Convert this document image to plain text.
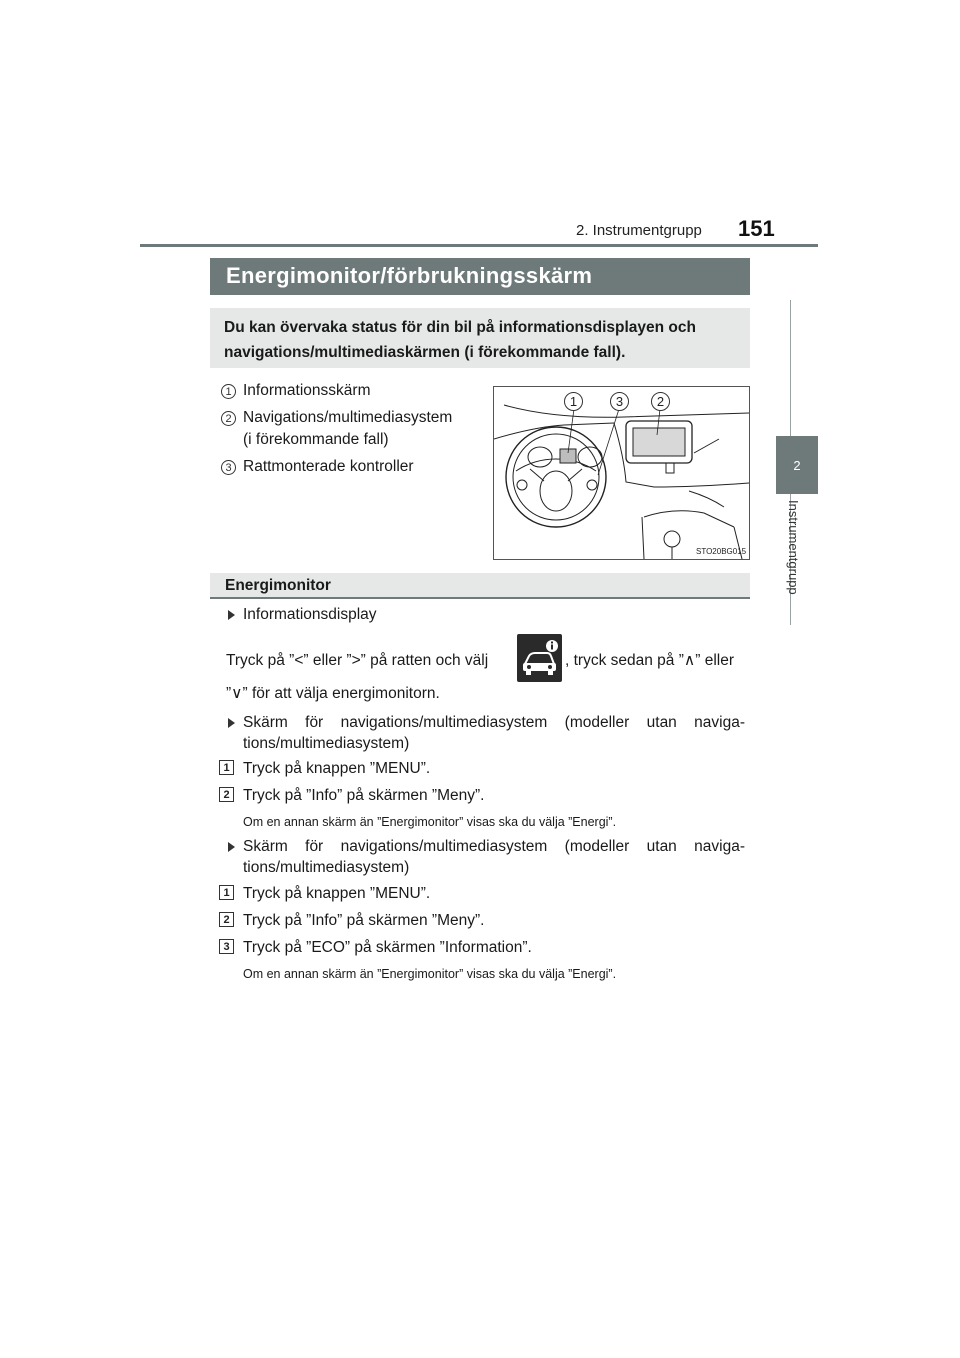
2. Instrumentgrupp 151
2
Instrumentgrupp
Energimonitor/förbrukningsskärm
Du kan övervaka status för din bil på informationsdisplayen och navigations/multimediaskärmen (i förekommande fall).
1 Informationsskärm
2 Navigations/multimediasystem
(i förekommande fall)
3 Rattmonterade kontroller
1	3	2
STO20BG015
Energimonitor
Informationsdisplay
Tryck på ”<” eller ”>” på ratten och välj	, tryck sedan på ”∧” eller
”∨” för att välja energimonitorn.
Skärm för navigations/multimediasystem (modeller utan naviga-
tions/multimediasystem)
1 Tryck på knappen ”MENU”.
2 Tryck på ”Info” på skärmen ”Meny”.
Om en annan skärm än ”Energimonitor” visas ska du välja ”Energi”.
Skärm för navigations/multimediasystem (modeller utan naviga-
tions/multimediasystem)
1 Tryck på knappen ”MENU”.
2 Tryck på ”Info” på skärmen ”Meny”.
3 Tryck på ”ECO” på skärmen ”Information”.
Om en annan skärm än ”Energimonitor” visas ska du välja ”Energi”.
